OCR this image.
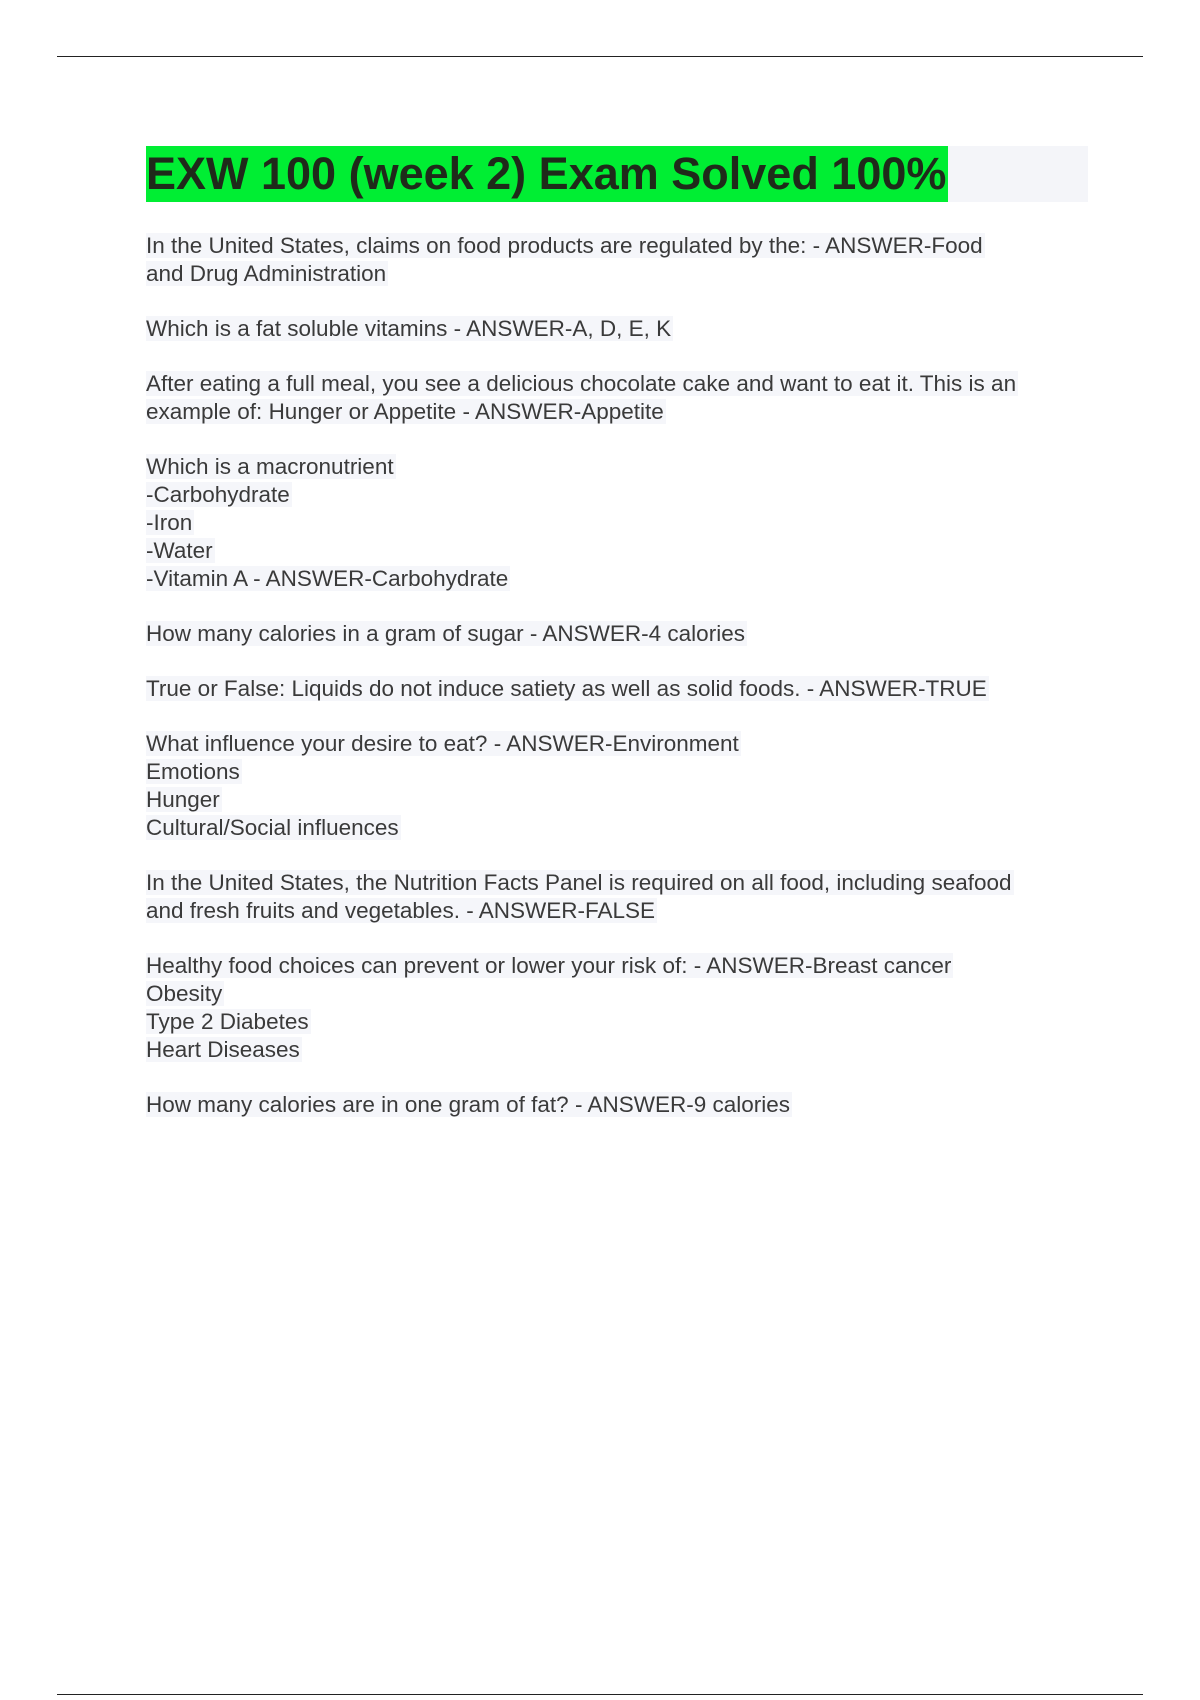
EXW 100 (week 2) Exam Solved 100%
In the United States, claims on food products are regulated by the: - ANSWER-Food
and Drug Administration
Which is a fat soluble vitamins - ANSWER-A, D, E, K
After eating a full meal, you see a delicious chocolate cake and want to eat it. This is an
example of: Hunger or Appetite - ANSWER-Appetite
Which is a macronutrient
-Carbohydrate
-Iron
-Water
-Vitamin A - ANSWER-Carbohydrate
How many calories in a gram of sugar - ANSWER-4 calories
True or False: Liquids do not induce satiety as well as solid foods. - ANSWER-TRUE
What influence your desire to eat? - ANSWER-Environment
Emotions
Hunger
Cultural/Social influences
In the United States, the Nutrition Facts Panel is required on all food, including seafood
and fresh fruits and vegetables. - ANSWER-FALSE
Healthy food choices can prevent or lower your risk of: - ANSWER-Breast cancer
Obesity
Type 2 Diabetes
Heart Diseases
How many calories are in one gram of fat? - ANSWER-9 calories
